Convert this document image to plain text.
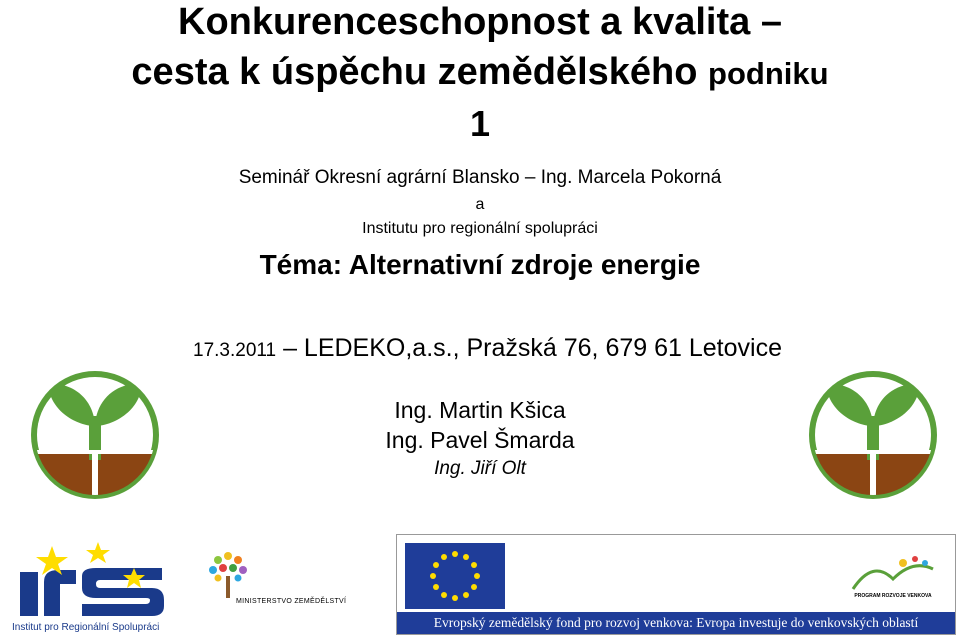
Konkurenceschopnost a kvalita –
cesta k úspěchu zemědělského podniku
1
Seminář Okresní agrární Blansko – Ing. Marcela Pokorná
a
Institutu pro regionální spolupráci
Téma: Alternativní zdroje energie
17.3.2011 – LEDEKO,a.s., Pražská 76, 679 61 Letovice
Ing. Martin Kšica
Ing. Pavel Šmarda
Ing. Jiří Olt
Institut pro Regionální Spolupráci
MINISTERSTVO ZEMĚDĚLSTVÍ
PROGRAM ROZVOJE VENKOVA
Evropský zemědělský fond pro rozvoj venkova: Evropa investuje do venkovských oblastí
